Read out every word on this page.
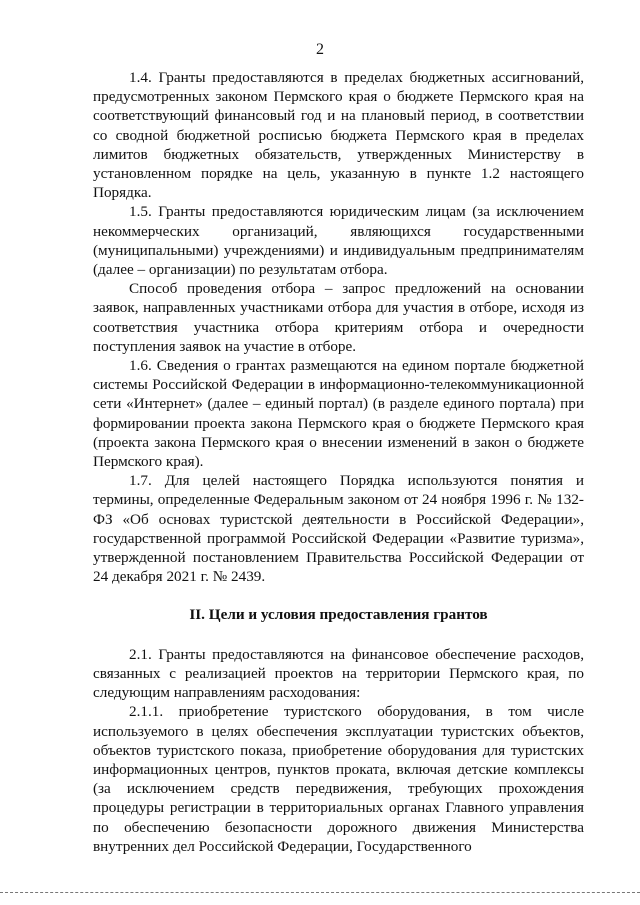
2

1.4. Гранты предоставляются в пределах бюджетных ассигнований, предусмотренных законом Пермского края о бюджете Пермского края на соответствующий финансовый год и на плановый период, в соответствии со сводной бюджетной росписью бюджета Пермского края в пределах лимитов бюджетных обязательств, утвержденных Министерству в установленном порядке на цель, указанную в пункте 1.2 настоящего Порядка.

1.5. Гранты предоставляются юридическим лицам (за исключением некоммерческих организаций, являющихся государственными (муниципальными) учреждениями) и индивидуальным предпринимателям (далее – организации) по результатам отбора.

Способ проведения отбора – запрос предложений на основании заявок, направленных участниками отбора для участия в отборе, исходя из соответствия участника отбора критериям отбора и очередности поступления заявок на участие в отборе.

1.6. Сведения о грантах размещаются на едином портале бюджетной системы Российской Федерации в информационно-телекоммуникационной сети «Интернет» (далее – единый портал) (в разделе единого портала) при формировании проекта закона Пермского края о бюджете Пермского края (проекта закона Пермского края о внесении изменений в закон о бюджете Пермского края).

1.7. Для целей настоящего Порядка используются понятия и термины, определенные Федеральным законом от 24 ноября 1996 г. № 132-ФЗ «Об основах туристской деятельности в Российской Федерации», государственной программой Российской Федерации «Развитие туризма», утвержденной постановлением Правительства Российской Федерации от 24 декабря 2021 г. № 2439.

II. Цели и условия предоставления грантов

2.1. Гранты предоставляются на финансовое обеспечение расходов, связанных с реализацией проектов на территории Пермского края, по следующим направлениям расходования:

2.1.1. приобретение туристского оборудования, в том числе используемого в целях обеспечения эксплуатации туристских объектов, объектов туристского показа, приобретение оборудования для туристских информационных центров, пунктов проката, включая детские комплексы (за исключением средств передвижения, требующих прохождения процедуры регистрации в территориальных органах Главного управления по обеспечению безопасности дорожного движения Министерства внутренних дел Российской Федерации, Государственного
